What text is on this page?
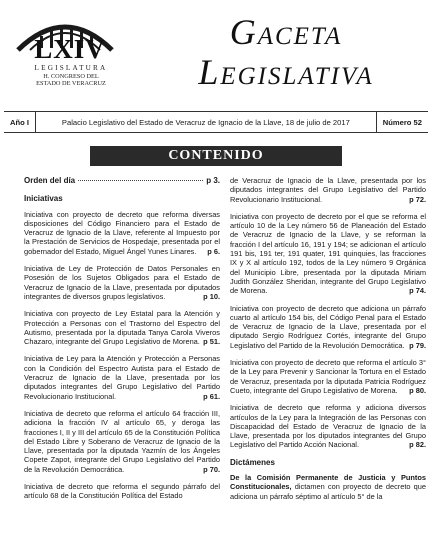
LXIV
LEGISLATURA
H. CONGRESO DEL
ESTADO DE VERACRUZ
Gaceta
Legislativa
Año I	Palacio Legislativo del Estado de Veracruz de Ignacio de la Llave, 18 de julio de 2017	Número 52
CONTENIDO
Orden del día	p 3.
Iniciativas
Iniciativa con proyecto de decreto que reforma diversas disposiciones del Código Financiero para el Estado de Veracruz de Ignacio de la Llave, referente al Impuesto por la Prestación de Servicios de Hospedaje, presentada por el gobernador del Estado, Miguel Ángel Yunes Linares. p 6.
Iniciativa de Ley de Protección de Datos Personales en Posesión de los Sujetos Obligados para el Estado de Veracruz de Ignacio de la Llave, presentada por diputados integrantes de diversos grupos legislativos.	p 10.
Iniciativa con proyecto de Ley Estatal para la Atención y Protección a Personas con el Trastorno del Espectro del Autismo, presentada por la diputada Tanya Carola Viveros Chazaro, integrante del Grupo Legislativo de Morena. p 51.
Iniciativa de Ley para la Atención y Protección a Personas con la Condición del Espectro Autista para el Estado de Veracruz de Ignacio de la Llave, presentada por los diputados integrantes del Grupo Legislativo del Partido Revolucionario Institucional.	p 61.
Iniciativa de decreto que reforma el artículo 64 fracción III, adiciona la fracción IV al artículo 65, y deroga las fracciones I, II y III del artículo 65 de la Constitución Política del Estado Libre y Soberano de Veracruz de Ignacio de la Llave, presentada por la diputada Yazmín de los Ángeles Copete Zapot, integrante del Grupo Legislativo del Partido de la Revolución Democrática.	p 70.
Iniciativa de decreto que reforma el segundo párrafo del artículo 68 de la Constitución Política del Estado
de Veracruz de Ignacio de la Llave, presentada por los diputados integrantes del Grupo Legislativo del Partido Revolucionario Institucional.	p 72.
Iniciativa con proyecto de decreto por el que se reforma el artículo 10 de la Ley número 56 de Planeación del Estado de Veracruz de Ignacio de la Llave, y se reforman la fracción I del artículo 16, 191 y 194; se adicionan el artículo 191 bis, 191 ter, 191 quater, 191 quinquies, las fracciones IX y X al artículo 192, todos de la Ley número 9 Orgánica del Municipio Libre, presentada por la diputada Miriam Judith González Sheridan, integrante del Grupo Legislativo de Morena.	p 74.
Iniciativa con proyecto de decreto que adiciona un párrafo cuarto al artículo 154 bis, del Código Penal para el Estado de Veracruz de Ignacio de la Llave, presentada por el diputado Sergio Rodríguez Cortés, integrante del Grupo Legislativo del Partido de la Revolución Democrática. p 79.
Iniciativa con proyecto de decreto que reforma el artículo 3° de la Ley para Prevenir y Sancionar la Tortura en el Estado de Veracruz, presentada por la diputada Patricia Rodríguez Cueto, integrante del Grupo Legislativo de Morena. p 80.
Iniciativa de decreto que reforma y adiciona diversos artículos de la Ley para la Integración de las Personas con Discapacidad del Estado de Veracruz de Ignacio de la Llave, presentada por los diputados integrantes del Grupo Legislativo del Partido Acción Nacional.	p 82.
Dictámenes
De la Comisión Permanente de Justicia y Puntos Constitucionales, dictamen con proyecto de decreto que adiciona un párrafo séptimo al artículo 5° de la
